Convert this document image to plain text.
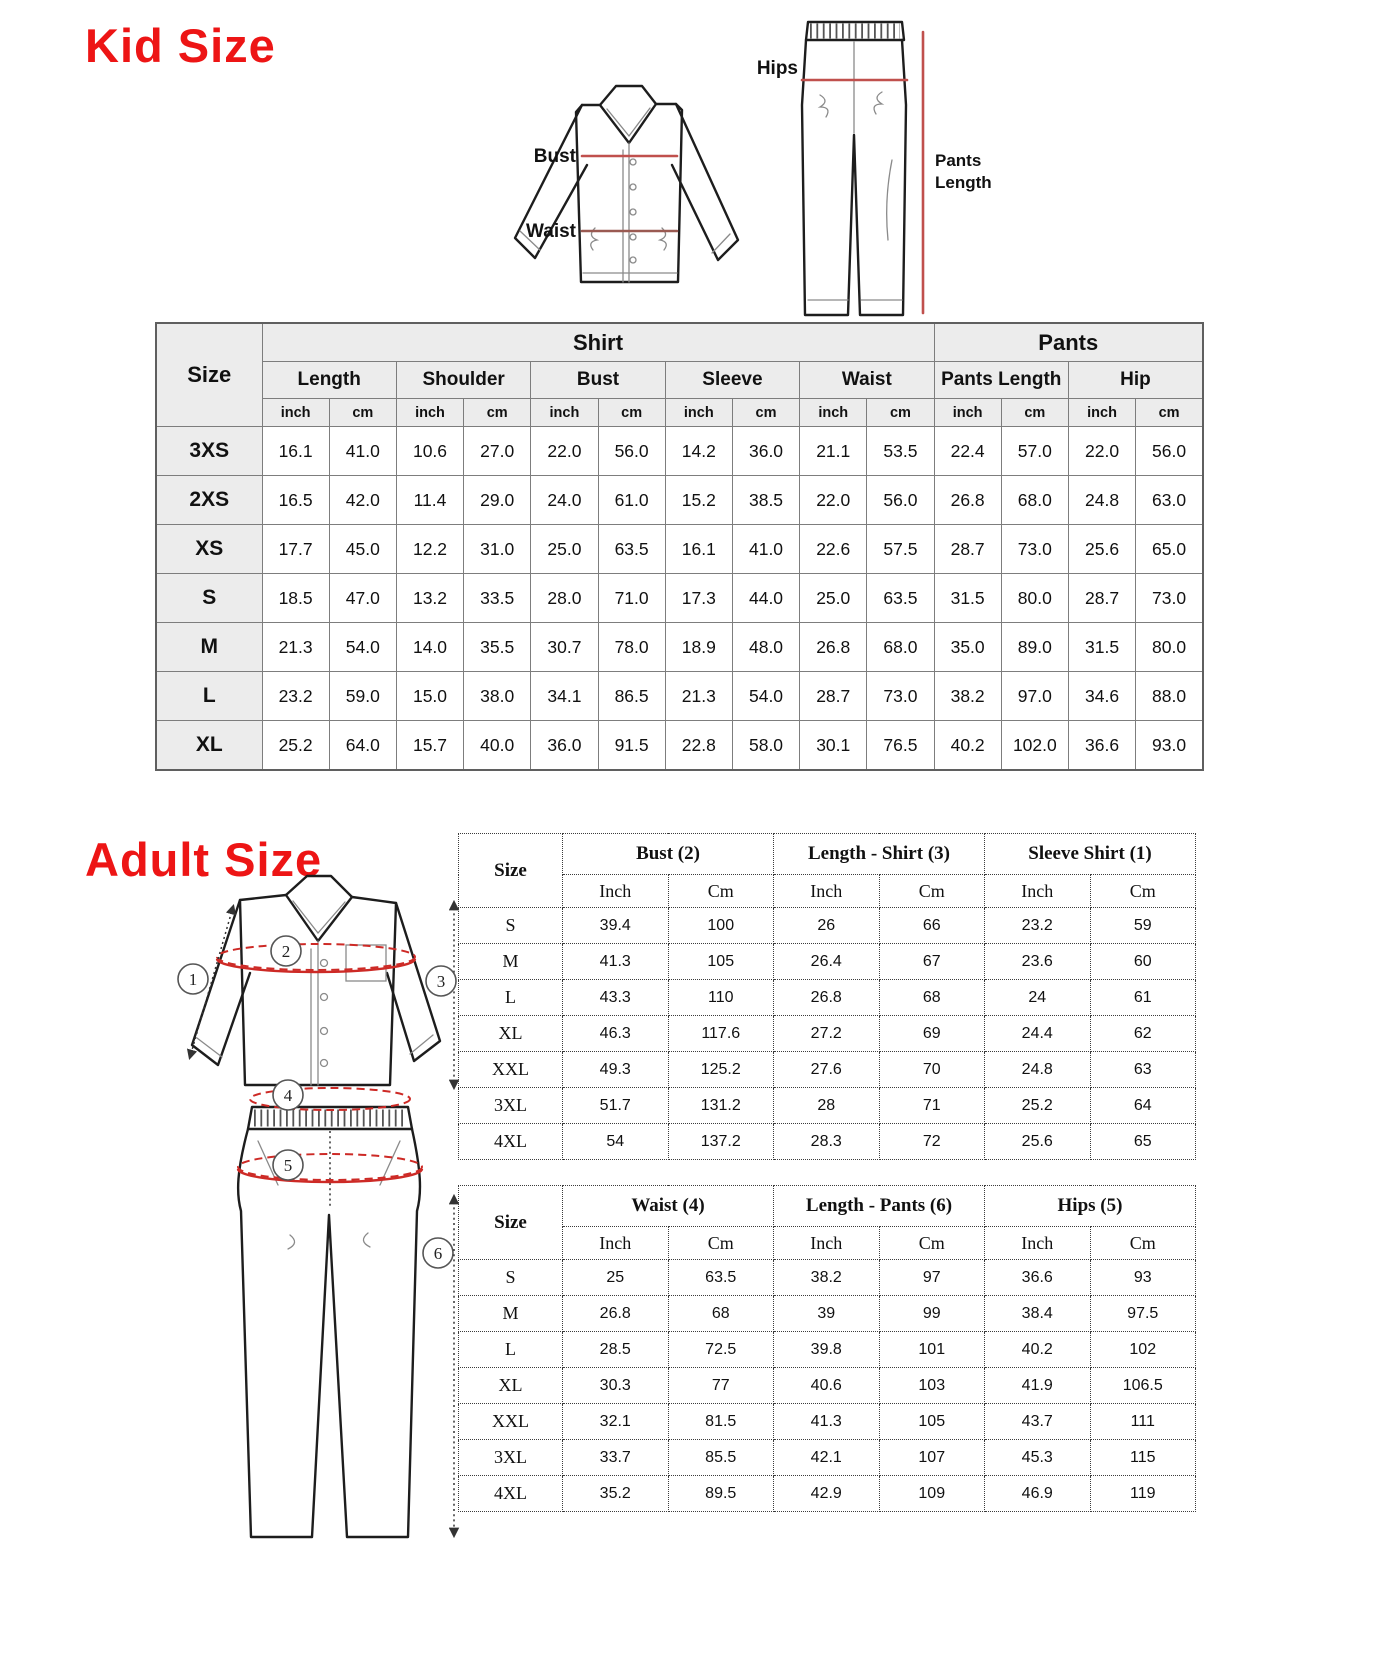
Kid Size
Bust
Waist
Hips
Pants
Length
Size	Shirt										Pants			
	Length		Shoulder		Bust		Sleeve		Waist		Pants Length		Hip	
	inch	cm	inch	cm	inch	cm	inch	cm	inch	cm	inch	cm	inch	cm
3XS	16.1	41.0	10.6	27.0	22.0	56.0	14.2	36.0	21.1	53.5	22.4	57.0	22.0	56.0
2XS	16.5	42.0	11.4	29.0	24.0	61.0	15.2	38.5	22.0	56.0	26.8	68.0	24.8	63.0
XS	17.7	45.0	12.2	31.0	25.0	63.5	16.1	41.0	22.6	57.5	28.7	73.0	25.6	65.0
S	18.5	47.0	13.2	33.5	28.0	71.0	17.3	44.0	25.0	63.5	31.5	80.0	28.7	73.0
M	21.3	54.0	14.0	35.5	30.7	78.0	18.9	48.0	26.8	68.0	35.0	89.0	31.5	80.0
L	23.2	59.0	15.0	38.0	34.1	86.5	21.3	54.0	28.7	73.0	38.2	97.0	34.6	88.0
XL	25.2	64.0	15.7	40.0	36.0	91.5	22.8	58.0	30.1	76.5	40.2	102.0	36.6	93.0
Adult Size
1
2
3
4
5
6
Size	Bust (2)		Length - Shirt (3)		Sleeve Shirt (1)	
	Inch	Cm	Inch	Cm	Inch	Cm
S	39.4	100	26	66	23.2	59
M	41.3	105	26.4	67	23.6	60
L	43.3	110	26.8	68	24	61
XL	46.3	117.6	27.2	69	24.4	62
XXL	49.3	125.2	27.6	70	24.8	63
3XL	51.7	131.2	28	71	25.2	64
4XL	54	137.2	28.3	72	25.6	65
Size	Waist (4)		Length - Pants (6)		Hips (5)	
	Inch	Cm	Inch	Cm	Inch	Cm
S	25	63.5	38.2	97	36.6	93
M	26.8	68	39	99	38.4	97.5
L	28.5	72.5	39.8	101	40.2	102
XL	30.3	77	40.6	103	41.9	106.5
XXL	32.1	81.5	41.3	105	43.7	111
3XL	33.7	85.5	42.1	107	45.3	115
4XL	35.2	89.5	42.9	109	46.9	119
